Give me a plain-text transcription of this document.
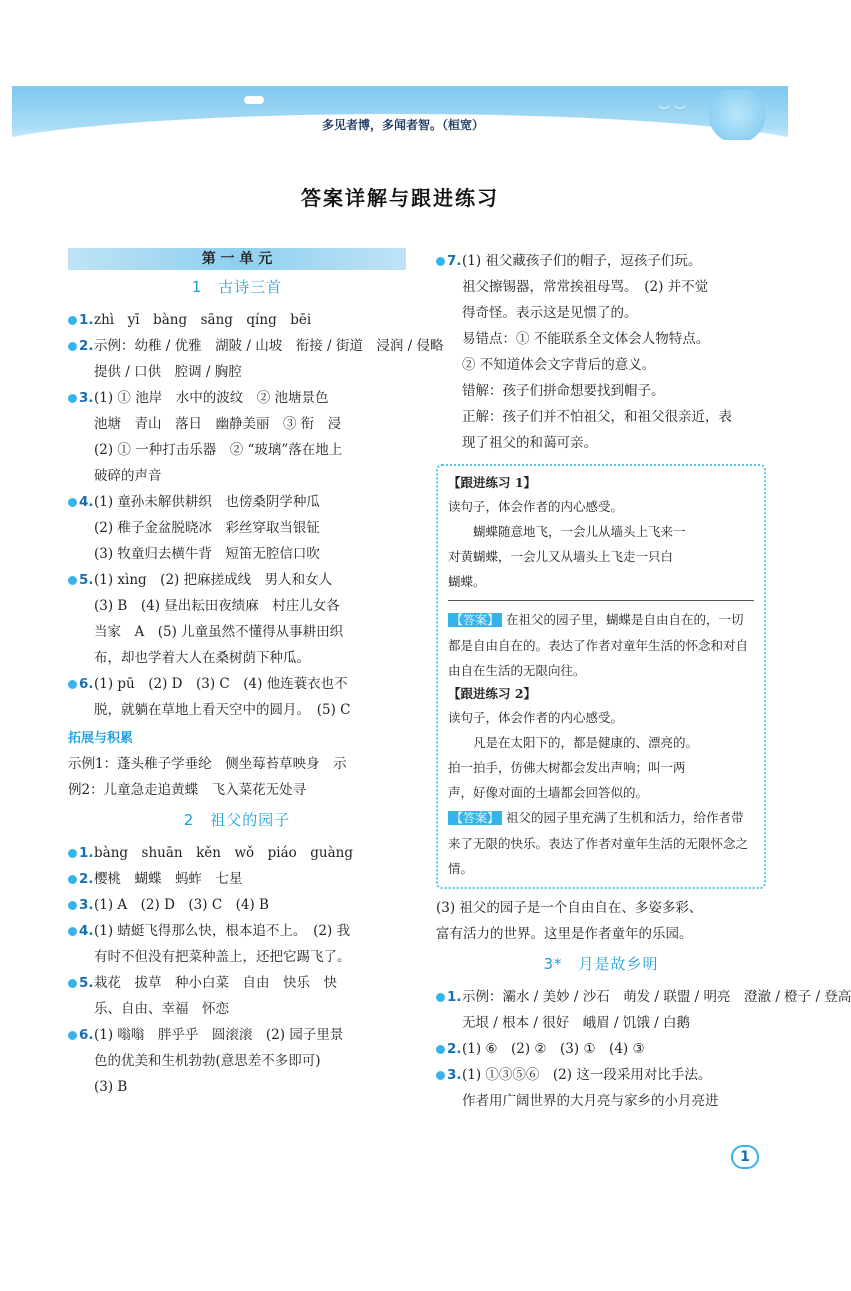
多见者博，多闻者智。（桓宽）
︶ ︶
答案详解与跟进练习
第 一 单 元
1　古诗三首
1.zhì　yī　bàng　sāng　qíng　bēi
2.示例：幼稚 / 优雅　湖陂 / 山坡　衔接 / 街道　浸润 / 侵略
提供 / 口供　腔调 / 胸腔
3.(1) ① 池岸　水中的波纹　② 池塘景色
池塘　青山　落日　幽静美丽　③ 衔　浸
(2) ① 一种打击乐器　② “玻璃”落在地上
破碎的声音
4.(1) 童孙未解供耕织　也傍桑阴学种瓜
(2) 稚子金盆脱晓冰　彩丝穿取当银钲
(3) 牧童归去横牛背　短笛无腔信口吹
5.(1) xìng　(2) 把麻搓成线　男人和女人
(3) B　(4) 昼出耘田夜绩麻　村庄儿女各
当家　A　(5) 儿童虽然不懂得从事耕田织
布，却也学着大人在桑树荫下种瓜。
6.(1) pū　(2) D　(3) C　(4) 他连蓑衣也不
脱，就躺在草地上看天空中的圆月。　(5) C
拓展与积累
示例1：蓬头稚子学垂纶　侧坐莓苔草映身　示
例2：儿童急走追黄蝶　飞入菜花无处寻
2　祖父的园子
1.bàng　shuān　kěn　wǒ　piáo　guàng
2.樱桃　蝴蝶　蚂蚱　七星
3.(1) A　(2) D　(3) C　(4) B
4.(1) 蜻蜓飞得那么快，根本追不上。　(2) 我
有时不但没有把菜种盖上，还把它踢飞了。
5.栽花　拔草　种小白菜　自由　快乐　快
乐、自由、幸福　怀恋
6.(1) 嗡嗡　胖乎乎　圆滚滚　(2) 园子里景
色的优美和生机勃勃(意思差不多即可)
(3) B
7.(1) 祖父藏孩子们的帽子，逗孩子们玩。
祖父擦锡器，常常挨祖母骂。　(2) 并不觉
得奇怪。表示这是见惯了的。
易错点：① 不能联系全文体会人物特点。
② 不知道体会文字背后的意义。
错解：孩子们拼命想要找到帽子。
正解：孩子们并不怕祖父，和祖父很亲近，表
现了祖父的和蔼可亲。
【跟进练习 1】
读句子，体会作者的内心感受。
　　蝴蝶随意地飞，一会儿从墙头上飞来一
对黄蝴蝶，一会儿又从墙头上飞走一只白
蝴蝶。
【答案】 在祖父的园子里，蝴蝶是自由自在的，一切都是自由自在的。表达了作者对童年生活的怀念和对自由自在生活的无限向往。
【跟进练习 2】
读句子，体会作者的内心感受。
　　凡是在太阳下的，都是健康的、漂亮的。
拍一拍手，仿佛大树都会发出声响；叫一两
声，好像对面的土墙都会回答似的。
【答案】 祖父的园子里充满了生机和活力，给作者带来了无限的快乐。表达了作者对童年生活的无限怀念之情。
(3) 祖父的园子是一个自由自在、多姿多彩、
富有活力的世界。这里是作者童年的乐园。
3*　月是故乡明
1.示例：灞水 / 美妙 / 沙石　萌发 / 联盟 / 明亮　澄澈 / 橙子 / 登高
无垠 / 根本 / 很好　峨眉 / 饥饿 / 白鹅
2.(1) ⑥　(2) ②　(3) ①　(4) ③
3.(1) ①③⑤⑥　(2) 这一段采用对比手法。
作者用广阔世界的大月亮与家乡的小月亮进
1
